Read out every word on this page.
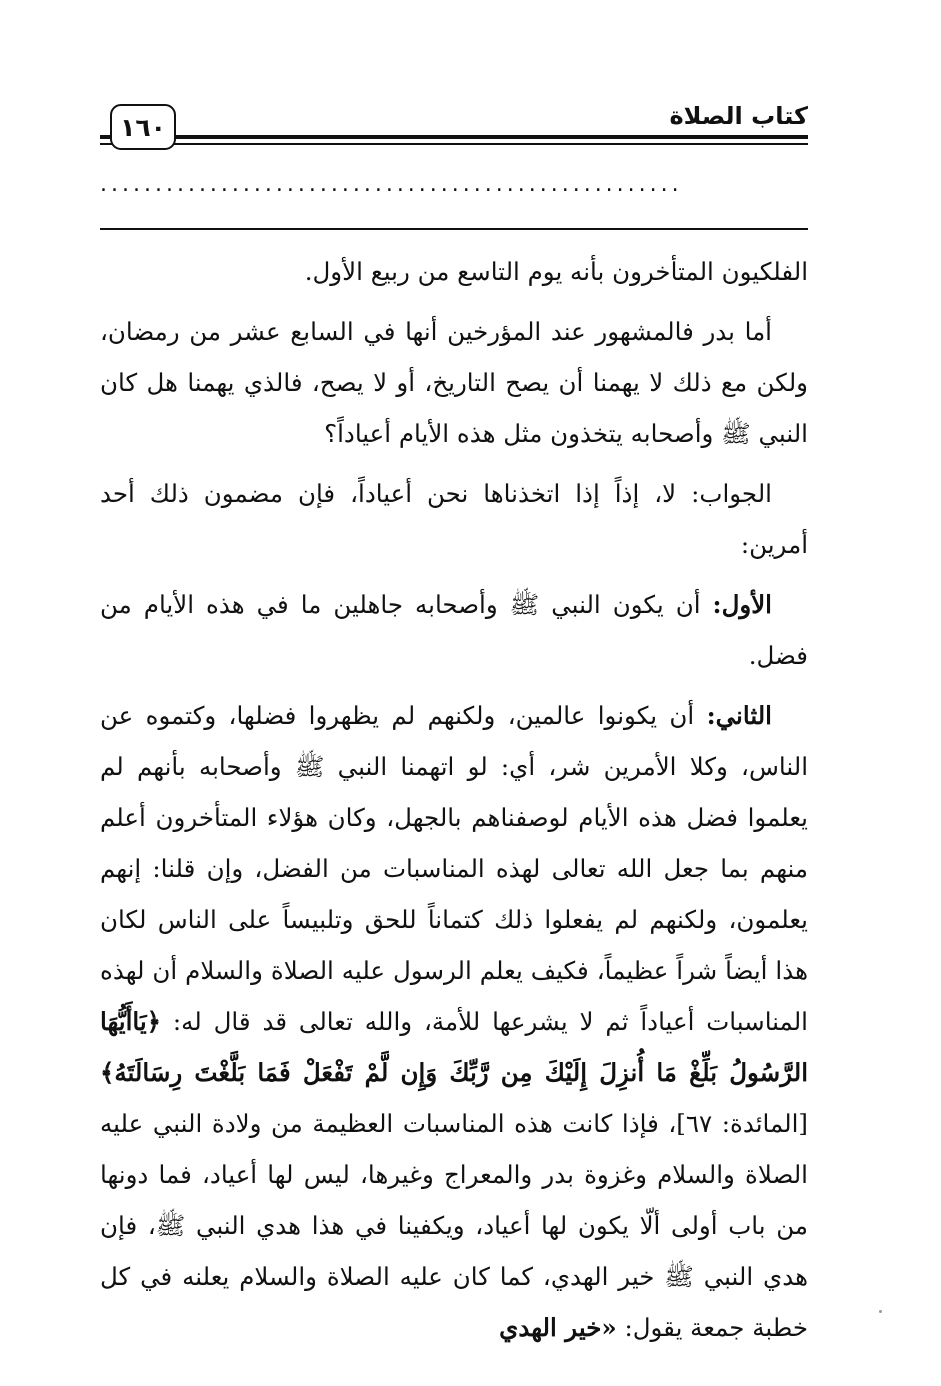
١٦٠	كتاب الصلاة
.....................................................

الفلكيون المتأخرون بأنه يوم التاسع من ربيع الأول.

أما بدر فالمشهور عند المؤرخين أنها في السابع عشر من رمضان، ولكن مع ذلك لا يهمنا أن يصح التاريخ، أو لا يصح، فالذي يهمنا هل كان النبي ﷺ وأصحابه يتخذون مثل هذه الأيام أعياداً؟

الجواب: لا، إذاً إذا اتخذناها نحن أعياداً، فإن مضمون ذلك أحد أمرين:

الأول: أن يكون النبي ﷺ وأصحابه جاهلين ما في هذه الأيام من فضل.

الثاني: أن يكونوا عالمين، ولكنهم لم يظهروا فضلها، وكتموه عن الناس، وكلا الأمرين شر، أي: لو اتهمنا النبي ﷺ وأصحابه بأنهم لم يعلموا فضل هذه الأيام لوصفناهم بالجهل، وكان هؤلاء المتأخرون أعلم منهم بما جعل الله تعالى لهذه المناسبات من الفضل، وإن قلنا: إنهم يعلمون، ولكنهم لم يفعلوا ذلك كتماناً للحق وتلبيساً على الناس لكان هذا أيضاً شراً عظيماً، فكيف يعلم الرسول عليه الصلاة والسلام أن لهذه المناسبات أعياداً ثم لا يشرعها للأمة، والله تعالى قد قال له: ﴿يَاأَيُّهَا الرَّسُولُ بَلِّغْ مَا أُنزِلَ إِلَيْكَ مِن رَّبِّكَ وَإِن لَّمْ تَفْعَلْ فَمَا بَلَّغْتَ رِسَالَتَهُ﴾ [المائدة: ٦٧]، فإذا كانت هذه المناسبات العظيمة من ولادة النبي عليه الصلاة والسلام وغزوة بدر والمعراج وغيرها، ليس لها أعياد، فما دونها من باب أولى ألّا يكون لها أعياد، ويكفينا في هذا هدي النبي ﷺ، فإن هدي النبي ﷺ خير الهدي، كما كان عليه الصلاة والسلام يعلنه في كل خطبة جمعة يقول: «خير الهدي
